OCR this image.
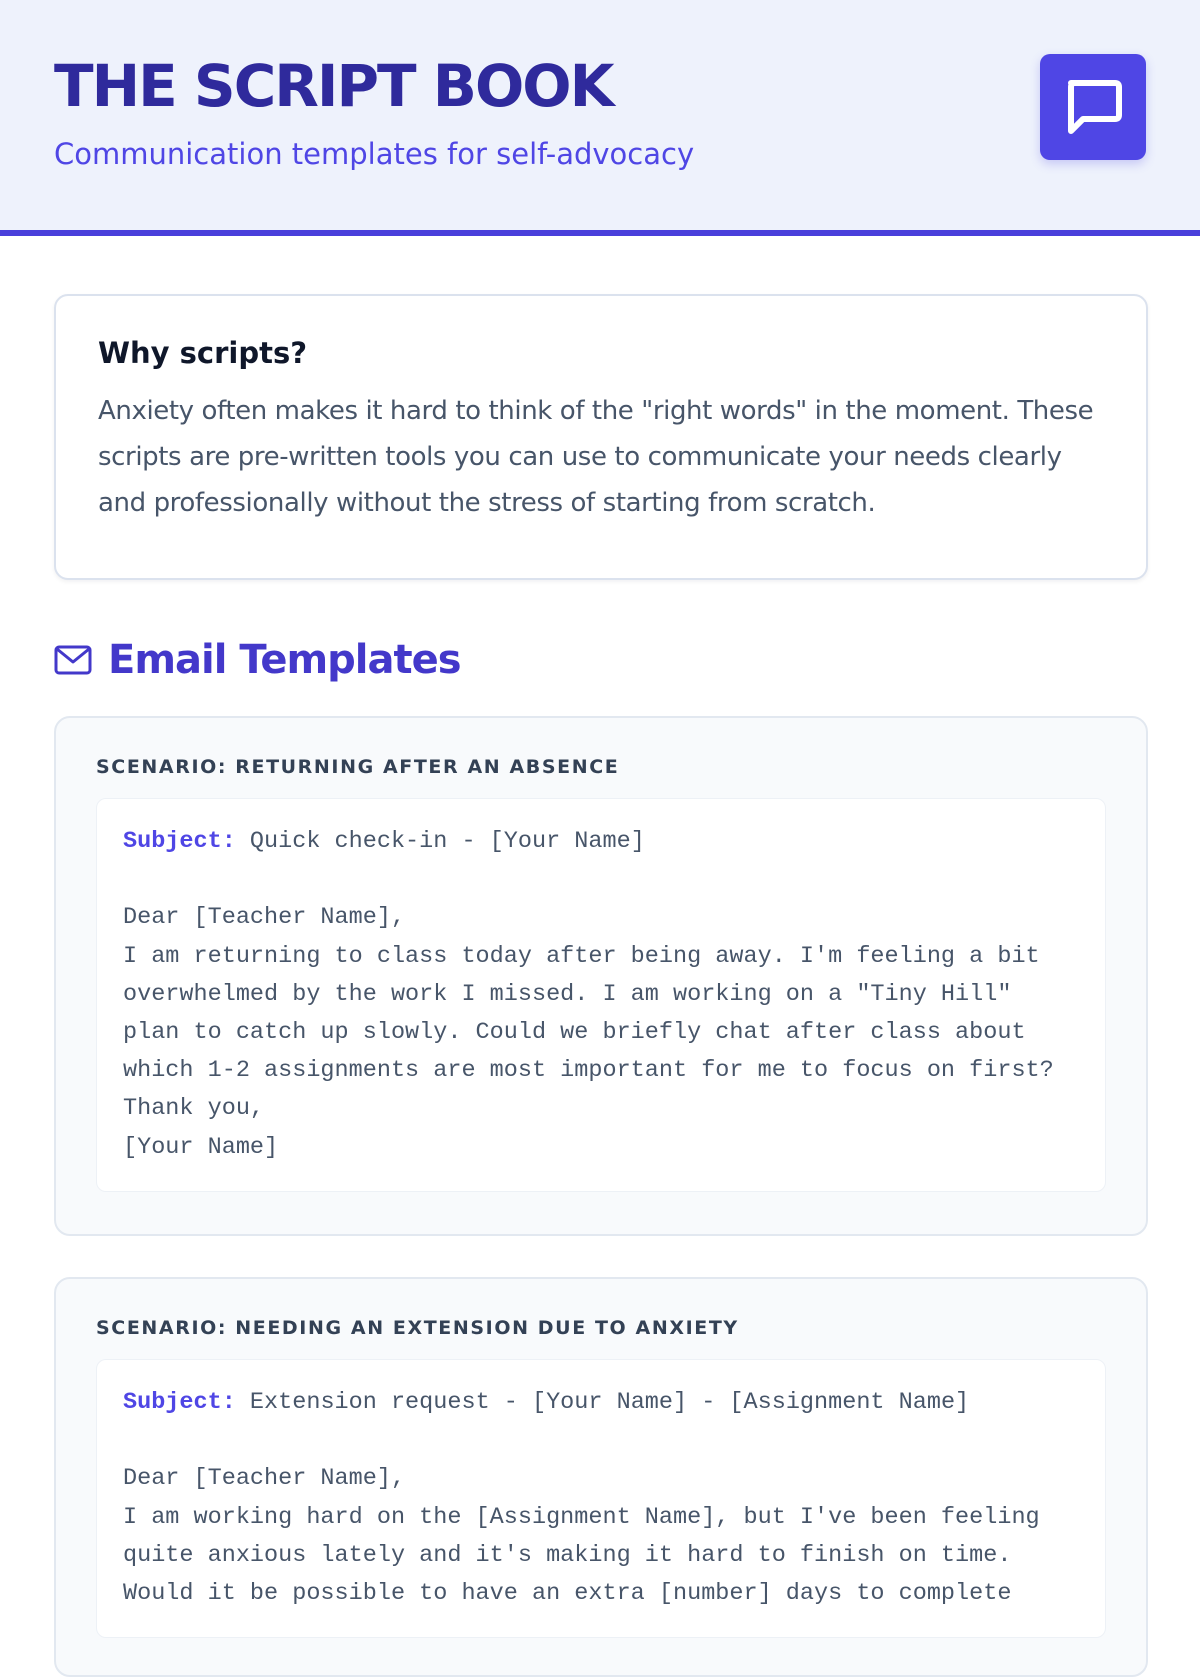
THE SCRIPT BOOK
Communication templates for self-advocacy
Why scripts?
Anxiety often makes it hard to think of the "right words" in the moment. These scripts are pre-written tools you can use to communicate your needs clearly and professionally without the stress of starting from scratch.
Email Templates
SCENARIO: RETURNING AFTER AN ABSENCE
Subject: Quick check-in - [Your Name]
Dear [Teacher Name],
I am returning to class today after being away. I'm feeling a bit overwhelmed by the work I missed. I am working on a "Tiny Hill" plan to catch up slowly. Could we briefly chat after class about which 1-2 assignments are most important for me to focus on first?
Thank you,
[Your Name]
SCENARIO: NEEDING AN EXTENSION DUE TO ANXIETY
Subject: Extension request - [Your Name] - [Assignment Name]
Dear [Teacher Name],
I am working hard on the [Assignment Name], but I've been feeling quite anxious lately and it's making it hard to finish on time. Would it be possible to have an extra [number] days to complete
